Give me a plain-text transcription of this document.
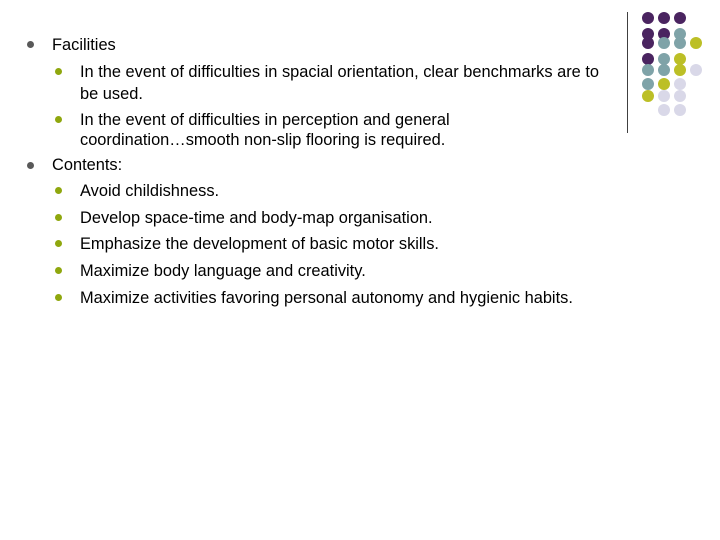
Facilities

In the event of difficulties in spacial orientation, clear benchmarks are to

be used.

In the event of difficulties in perception and general

coordination…smooth non-slip flooring is required.

Contents:

Avoid childishness.

Develop space-time and body-map organisation.

Emphasize the development of basic motor skills.

Maximize body language and creativity.

Maximize activities favoring personal autonomy and hygienic habits.
